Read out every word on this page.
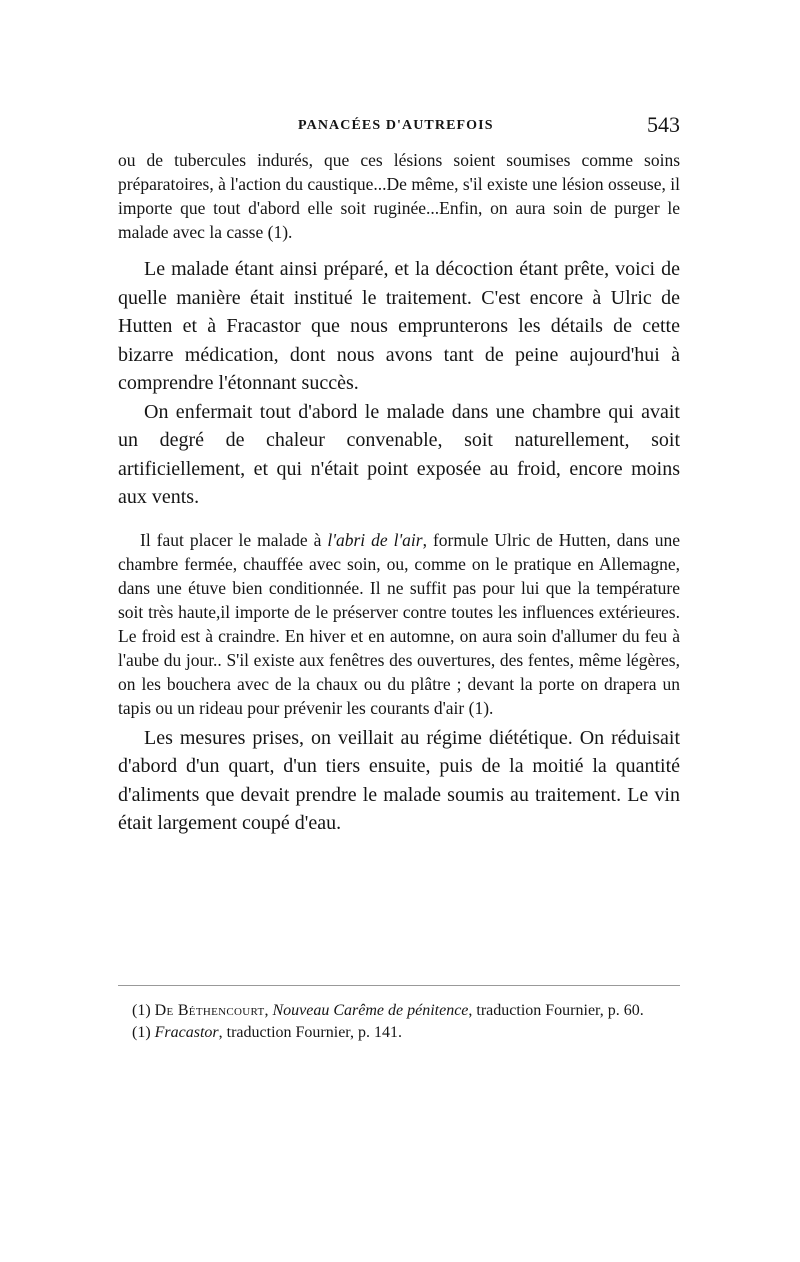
PANACÉES D'AUTREFOIS	543

ou de tubercules indurés, que ces lésions soient soumises comme soins préparatoires, à l'action du caustique...De même, s'il existe une lésion osseuse, il importe que tout d'abord elle soit ruginée...Enfin, on aura soin de purger le malade avec la casse (1).

Le malade étant ainsi préparé, et la décoction étant prête, voici de quelle manière était institué le traitement. C'est encore à Ulric de Hutten et à Fracastor que nous emprunterons les détails de cette bizarre médication, dont nous avons tant de peine aujourd'hui à comprendre l'étonnant succès.

On enfermait tout d'abord le malade dans une chambre qui avait un degré de chaleur convenable, soit naturellement, soit artificiellement, et qui n'était point exposée au froid, encore moins aux vents.

Il faut placer le malade à l'abri de l'air, formule Ulric de Hutten, dans une chambre fermée, chauffée avec soin, ou, comme on le pratique en Allemagne, dans une étuve bien conditionnée. Il ne suffit pas pour lui que la température soit très haute,il importe de le préserver contre toutes les influences extérieures. Le froid est à craindre. En hiver et en automne, on aura soin d'allumer du feu à l'aube du jour.. S'il existe aux fenêtres des ouvertures, des fentes, même légères, on les bouchera avec de la chaux ou du plâtre ; devant la porte on drapera un tapis ou un rideau pour prévenir les courants d'air (1).

Les mesures prises, on veillait au régime diététique. On réduisait d'abord d'un quart, d'un tiers ensuite, puis de la moitié la quantité d'aliments que devait prendre le malade soumis au traitement. Le vin était largement coupé d'eau.

(1) De Béthencourt, Nouveau Carême de pénitence, traduction Fournier, p. 60.

(1) Fracastor, traduction Fournier, p. 141.
